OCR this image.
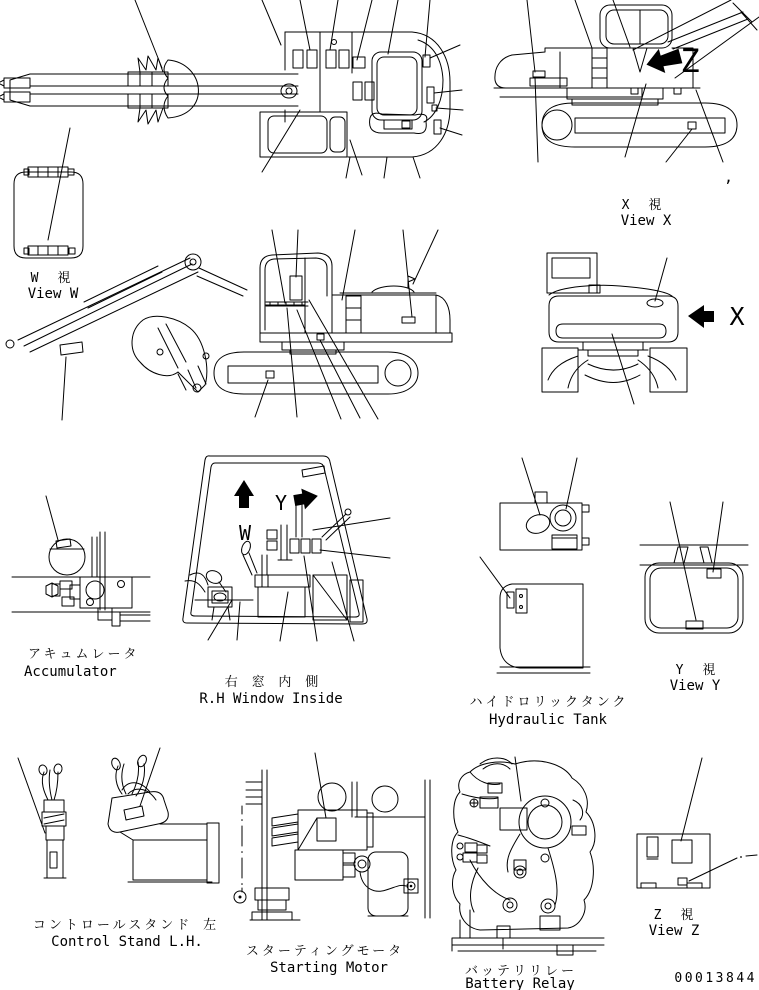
Z
,
X　視
View X
W　視
View W
X
W
Y
右 窓 内 側
R.H Window Inside
アキュムレータ
Accumulator
ハイドロリックタンク
Hydraulic Tank
Y　視
View Y
コントロールスタンド 左
Control Stand L.H.
スターティングモータ
Starting Motor	バッテリリレー
Battery Relay
Z　視
View Z
00013844
